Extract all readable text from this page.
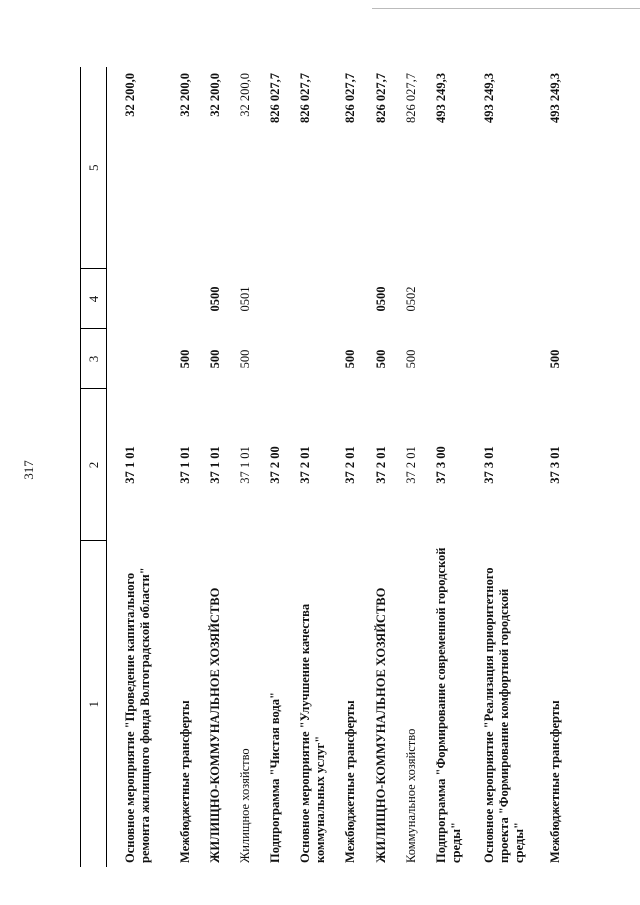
317
1	2	3	4	5
Основное мероприятие "Проведение капитального ремонта жилищного фонда Волгоградской области"	37 1 01			32 200,0
Межбюджетные трансферты	37 1 01	500		32 200,0
ЖИЛИЩНО-КОММУНАЛЬНОЕ ХОЗЯЙСТВО	37 1 01	500	0500	32 200,0
Жилищное хозяйство	37 1 01	500	0501	32 200,0
Подпрограмма "Чистая вода"	37 2 00			826 027,7
Основное мероприятие "Улучшение качества коммунальных услуг"	37 2 01			826 027,7
Межбюджетные трансферты	37 2 01	500		826 027,7
ЖИЛИЩНО-КОММУНАЛЬНОЕ ХОЗЯЙСТВО	37 2 01	500	0500	826 027,7
Коммунальное хозяйство	37 2 01	500	0502	826 027,7
Подпрограмма "Формирование современной городской среды"	37 3 00			493 249,3
Основное мероприятие "Реализация приоритетного проекта "Формирование комфортной городской среды"	37 3 01			493 249,3
Межбюджетные трансферты	37 3 01	500		493 249,3
